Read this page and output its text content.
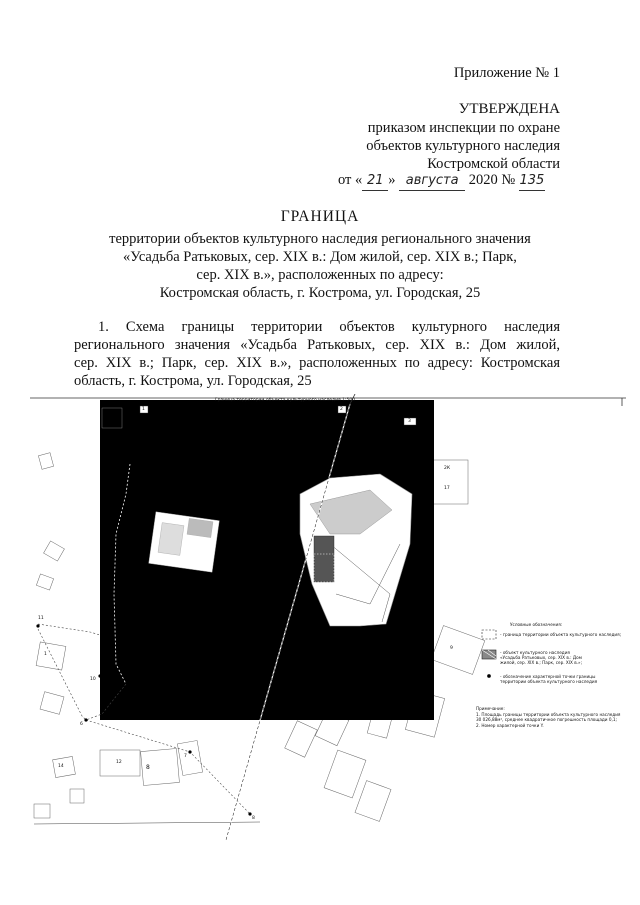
Приложение № 1
УТВЕРЖДЕНА
приказом инспекции по охране
объектов культурного наследия
Костромской области
от « 21 » августа 2020 № 135
ГРАНИЦА
территории объектов культурного наследия регионального значения
«Усадьба Ратьковых, сер. XIX в.: Дом жилой, сер. XIX в.; Парк,
сер. XIX в.», расположенных по адресу:
Костромская область, г. Кострома, ул. Городская, 25
1. Схема границы территории объектов культурного наследия
регионального значения «Усадьба Ратьковых, сер. XIX в.: Дом жилой,
сер. XIX в.; Парк, сер. XIX в.», расположенных по адресу: Костромская
область, г. Кострома, ул. Городская, 25
Граница территории объекта культурного наследия 1:500
1	2
3
10
11
6
7
8
2К
17
1
9
12
14	8
Условные обозначения:
- граница территории объекта культурного наследия;
- объект культурного наследия «Усадьба Ратьковых, сер. XIX в.: Дом жилой, сер. XIX в.; Парк, сер. XIX в.»;
- обозначение характерной точки границы территории объекта культурного наследия
Примечание:
1. Площадь границы территории объекта культурного наследия 30 026,88м², среднее квадратичное погрешность площади 0,1;
2. Номер характерной точки Y.
